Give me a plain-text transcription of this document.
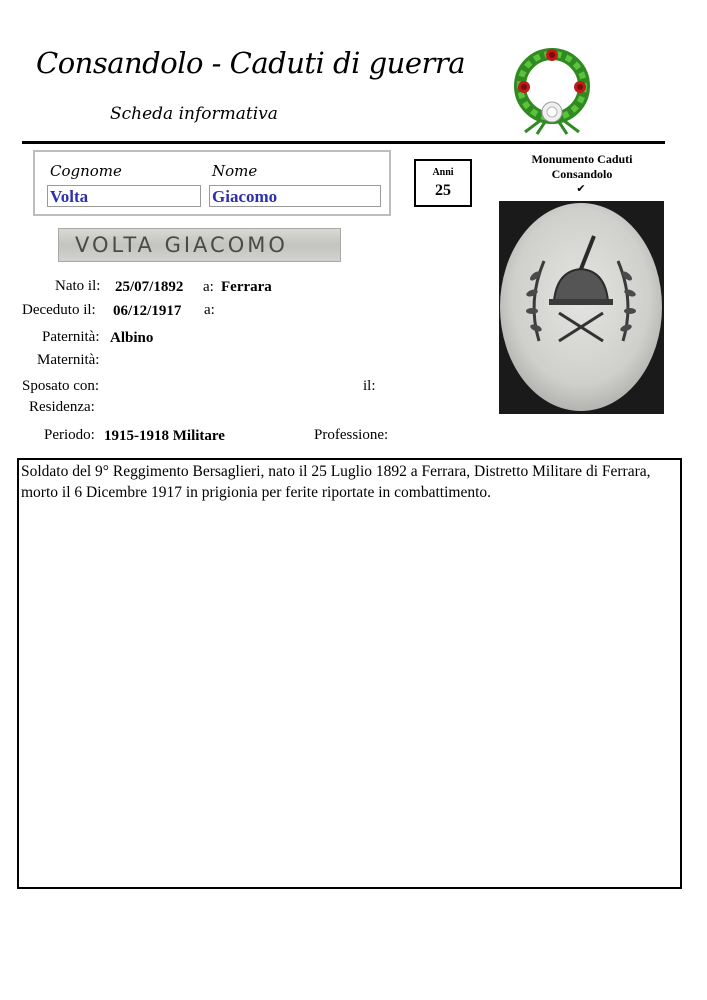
Consandolo - Caduti di guerra
Scheda informativa
Cognome	Nome
Volta	Giacomo
Anni
25
Monumento Caduti Consandolo
✔
VOLTA GIACOMO
Nato il: 25/07/1892 a: Ferrara
Deceduto il: 06/12/1917 a:
Paternità: Albino
Maternità:
Sposato con:	il:
Residenza:
Periodo: 1915-1918 Militare	Professione:
Soldato del 9° Reggimento Bersaglieri, nato il 25 Luglio 1892 a Ferrara, Distretto Militare di Ferrara, morto il 6 Dicembre 1917 in prigionia per ferite riportate in combattimento.
